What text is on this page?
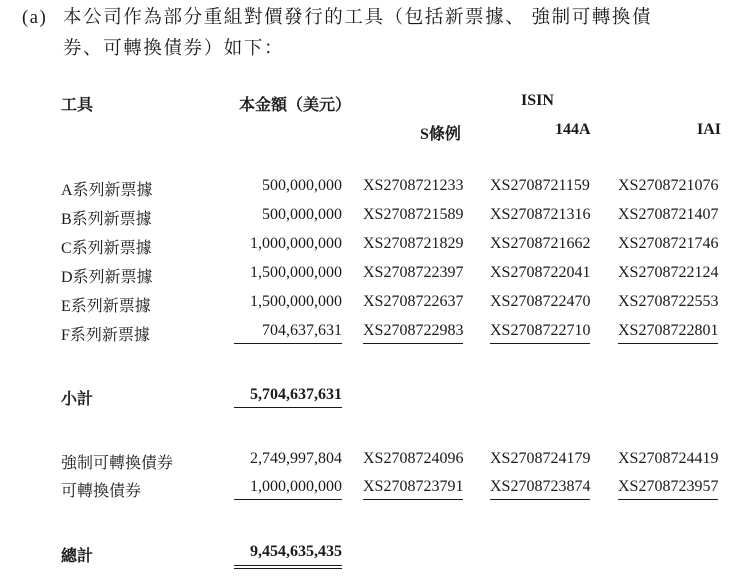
(a) 本公司作為部分重組對價發行的工具（包括新票據、 強制可轉換債
券、可轉換債券）如下：
工具	本金額（美元）	ISIN
S條例	144A	IAI
A系列新票據	500,000,000 XS2708721233 XS2708721159 XS2708721076
B系列新票據	500,000,000 XS2708721589 XS2708721316 XS2708721407
C系列新票據	1,000,000,000 XS2708721829 XS2708721662 XS2708721746
D系列新票據	1,500,000,000 XS2708722397 XS2708722041 XS2708722124
E系列新票據	1,500,000,000 XS2708722637 XS2708722470 XS2708722553
F系列新票據	704,637,631 XS2708722983 XS2708722710 XS2708722801
小計	5,704,637,631
強制可轉換債券	2,749,997,804 XS2708724096 XS2708724179 XS2708724419
可轉換債券	1,000,000,000 XS2708723791 XS2708723874 XS2708723957
總計	9,454,635,435
